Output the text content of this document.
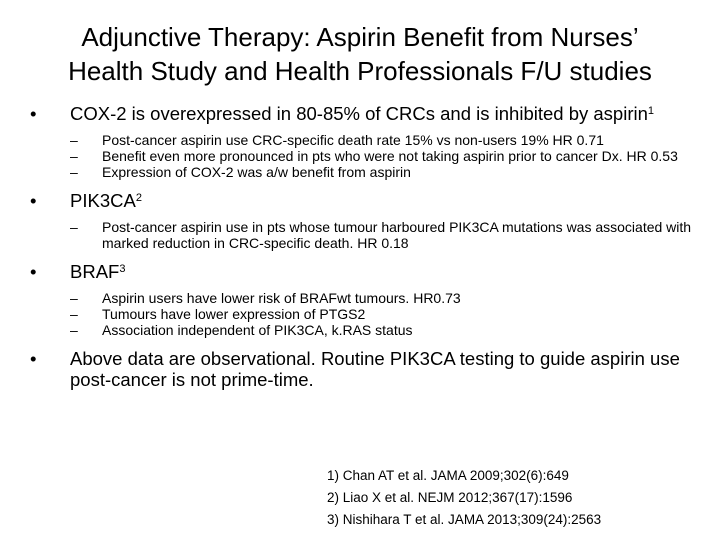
Adjunctive Therapy: Aspirin Benefit from Nurses’
Health Study and Health Professionals F/U studies
• COX-2 is overexpressed in 80-85% of CRCs and is inhibited by aspirin$^1$

– Post-cancer aspirin use CRC-specific death rate 15% vs non-users 19% HR 0.71

– Benefit even more pronounced in pts who were not taking aspirin prior to cancer Dx. HR 0.53

– Expression of COX-2 was a/w benefit from aspirin

• $PIK3CA^2$

– Post-cancer aspirin use in pts whose tumour harboured PIK3CA mutations was associated with marked reduction in CRC-specific death. HR 0.18

• BRAF$^3$

– Aspirin users have lower risk of BRAFwt tumours. HR0.73

– Tumours have lower expression of PTGS2

– Association independent of PIK3CA, k.RAS status

• Above data are observational. Routine PIK3CA testing to guide aspirin use post-cancer is not prime-time.
1) Chan AT et al. JAMA 2009;302(6):649
2) Liao X et al. NEJM 2012;367(17):1596
3) Nishihara T et al. JAMA 2013;309(24):2563
